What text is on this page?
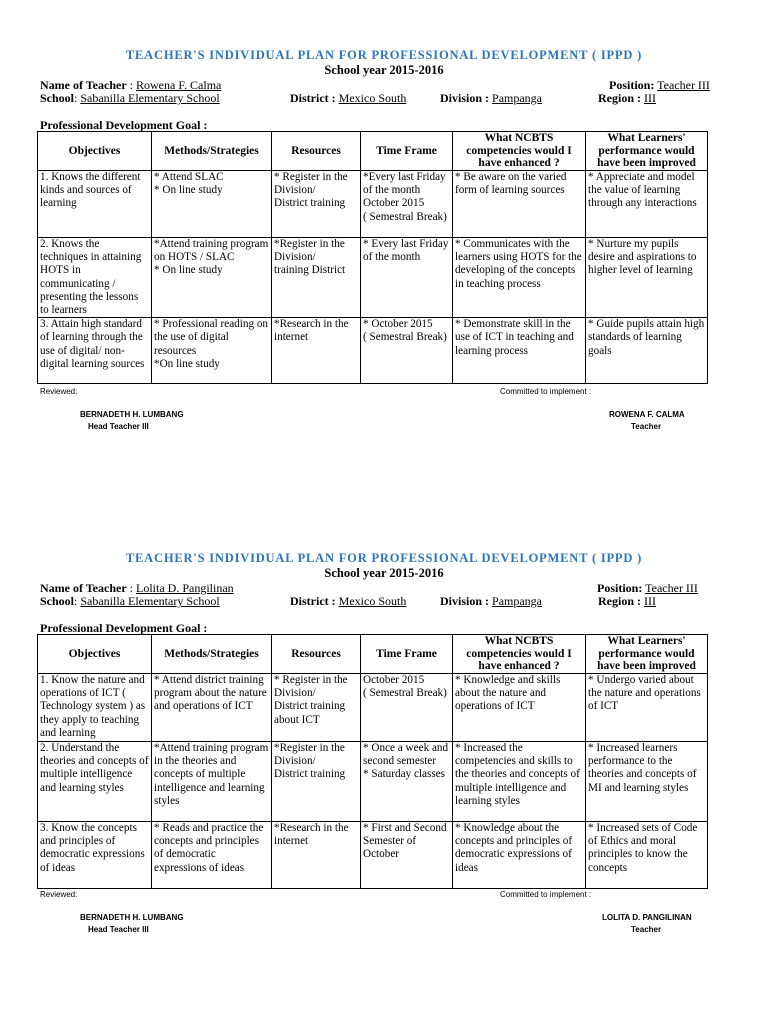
TEACHER'S INDIVIDUAL PLAN FOR PROFESSIONAL DEVELOPMENT ( IPPD )
School year 2015-2016
Name of Teacher : Rowena F. Calma	Position: Teacher III
School: Sabanilla Elementary School	District : Mexico South	Division : Pampanga	Region : III
Professional Development Goal :
Objectives	Methods/Strategies	Resources	Time Frame	What NCBTS competencies would I have enhanced ?	What Learners' performance would have been improved
1. Knows the different kinds and sources of learning	* Attend SLAC
* On line study	* Register in the Division/
District training	*Every last Friday of the month
October 2015
( Semestral Break)	* Be aware on the varied form of learning sources	* Appreciate and model the value of learning through any interactions
2. Knows the techniques in attaining HOTS in communicating / presenting the lessons to learners	*Attend training program on HOTS / SLAC
* On line study	*Register in the Division/
training District	* Every last Friday of the month	* Communicates with the learners using HOTS for the developing of the concepts in teaching process	* Nurture my pupils desire and aspirations to higher level of learning
3. Attain high standard of learning through the use of digital/ non-digital learning sources	* Professional reading on the use of digital resources
*On line study	*Research in the internet	* October 2015
( Semestral Break)	* Demonstrate skill in the use of ICT in teaching and learning process	* Guide pupils attain high standards of learning goals
Reviewed:	Committed to implement :
BERNADETH H. LUMBANG
Head Teacher III
ROWENA F. CALMA
Teacher
TEACHER'S INDIVIDUAL PLAN FOR PROFESSIONAL DEVELOPMENT ( IPPD )
School year 2015-2016
Name of Teacher : Lolita D. Pangilinan	Position: Teacher III
School: Sabanilla Elementary School	District : Mexico South	Division : Pampanga	Region : III
Professional Development Goal :
Objectives	Methods/Strategies	Resources	Time Frame	What NCBTS competencies would I have enhanced ?	What Learners' performance would have been improved
1. Know the nature and operations of ICT ( Technology system ) as they apply to teaching and learning	* Attend district training program about the nature and operations of ICT	* Register in the Division/
District training about ICT	October 2015
( Semestral Break)	* Knowledge and skills about the nature and operations of ICT	* Undergo varied about the nature and operations of ICT
2. Understand the theories and concepts of multiple intelligence and learning styles	*Attend training program in the theories and concepts of multiple intelligence and learning styles	*Register in the Division/
District training	* Once a week and second semester
* Saturday classes	* Increased the competencies and skills to the theories and concepts of multiple intelligence and learning styles	* Increased learners performance to the theories and concepts of MI and learning styles
3. Know the concepts and principles of democratic expressions of ideas	* Reads and practice the concepts and principles of democratic expressions of ideas	*Research in the internet	* First and Second Semester of October	* Knowledge about the concepts and principles of democratic expressions of ideas	* Increased sets of Code of Ethics and moral principles to know the concepts
Reviewed:	Committed to implement :
BERNADETH H. LUMBANG
Head Teacher III
LOLITA D. PANGILINAN
Teacher
